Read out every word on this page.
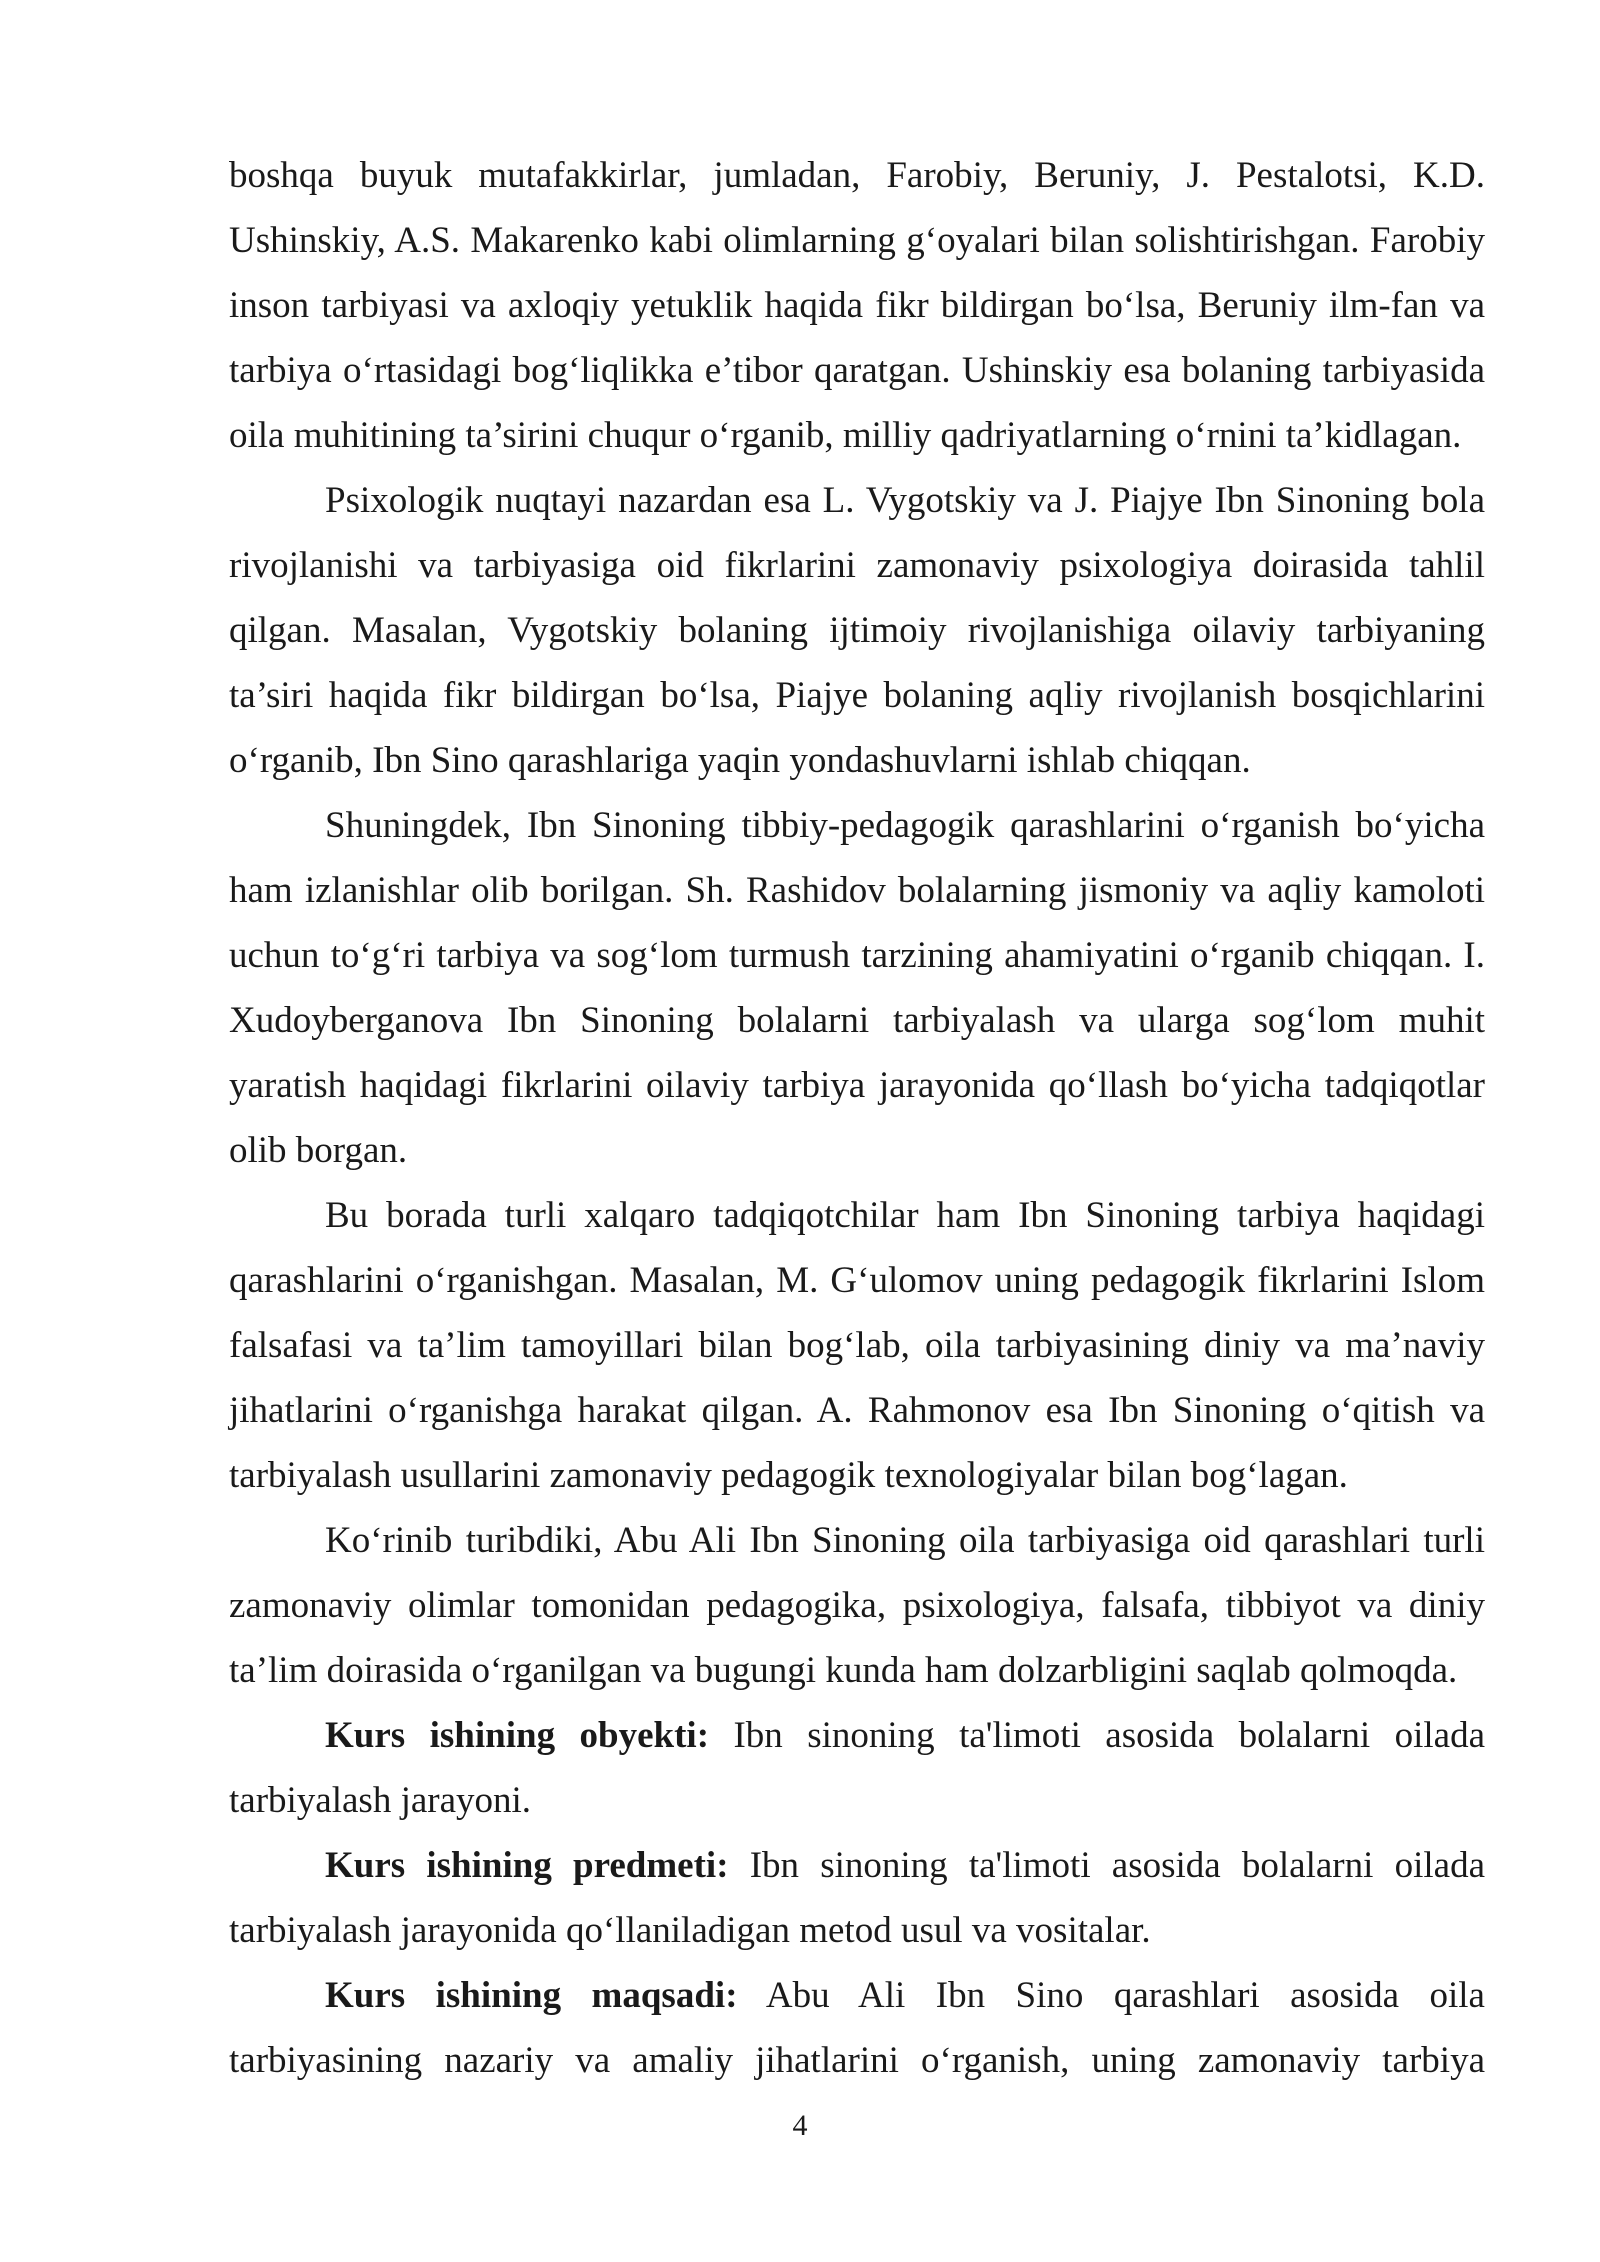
boshqa buyuk mutafakkirlar, jumladan, Farobiy, Beruniy, J. Pestalotsi, K.D. Ushinskiy, A.S. Makarenko kabi olimlarning g‘oyalari bilan solishtirishgan. Farobiy inson tarbiyasi va axloqiy yetuklik haqida fikr bildirgan bo‘lsa, Beruniy ilm-fan va tarbiya o‘rtasidagi bog‘liqlikka e’tibor qaratgan. Ushinskiy esa bolaning tarbiyasida oila muhitining ta’sirini chuqur o‘rganib, milliy qadriyatlarning o‘rnini ta’kidlagan.

Psixologik nuqtayi nazardan esa L. Vygotskiy va J. Piajye Ibn Sinoning bola rivojlanishi va tarbiyasiga oid fikrlarini zamonaviy psixologiya doirasida tahlil qilgan. Masalan, Vygotskiy bolaning ijtimoiy rivojlanishiga oilaviy tarbiyaning ta’siri haqida fikr bildirgan bo‘lsa, Piajye bolaning aqliy rivojlanish bosqichlarini o‘rganib, Ibn Sino qarashlariga yaqin yondashuvlarni ishlab chiqqan.

Shuningdek, Ibn Sinoning tibbiy-pedagogik qarashlarini o‘rganish bo‘yicha ham izlanishlar olib borilgan. Sh. Rashidov bolalarning jismoniy va aqliy kamoloti uchun to‘g‘ri tarbiya va sog‘lom turmush tarzining ahamiyatini o‘rganib chiqqan. I. Xudoyberganova Ibn Sinoning bolalarni tarbiyalash va ularga sog‘lom muhit yaratish haqidagi fikrlarini oilaviy tarbiya jarayonida qo‘llash bo‘yicha tadqiqotlar olib borgan.

Bu borada turli xalqaro tadqiqotchilar ham Ibn Sinoning tarbiya haqidagi qarashlarini o‘rganishgan. Masalan, M. G‘ulomov uning pedagogik fikrlarini Islom falsafasi va ta’lim tamoyillari bilan bog‘lab, oila tarbiyasining diniy va ma’naviy jihatlarini o‘rganishga harakat qilgan. A. Rahmonov esa Ibn Sinoning o‘qitish va tarbiyalash usullarini zamonaviy pedagogik texnologiyalar bilan bog‘lagan.

Ko‘rinib turibdiki, Abu Ali Ibn Sinoning oila tarbiyasiga oid qarashlari turli zamonaviy olimlar tomonidan pedagogika, psixologiya, falsafa, tibbiyot va diniy ta’lim doirasida o‘rganilgan va bugungi kunda ham dolzarbligini saqlab qolmoqda.

Kurs ishining obyekti: Ibn sinoning ta'limoti asosida bolalarni oilada tarbiyalash jarayoni.

Kurs ishining predmeti: Ibn sinoning ta'limoti asosida bolalarni oilada tarbiyalash jarayonida qo‘llaniladigan metod usul va vositalar.

Kurs ishining maqsadi: Abu Ali Ibn Sino qarashlari asosida oila tarbiyasining nazariy va amaliy jihatlarini o‘rganish, uning zamonaviy tarbiya

4
